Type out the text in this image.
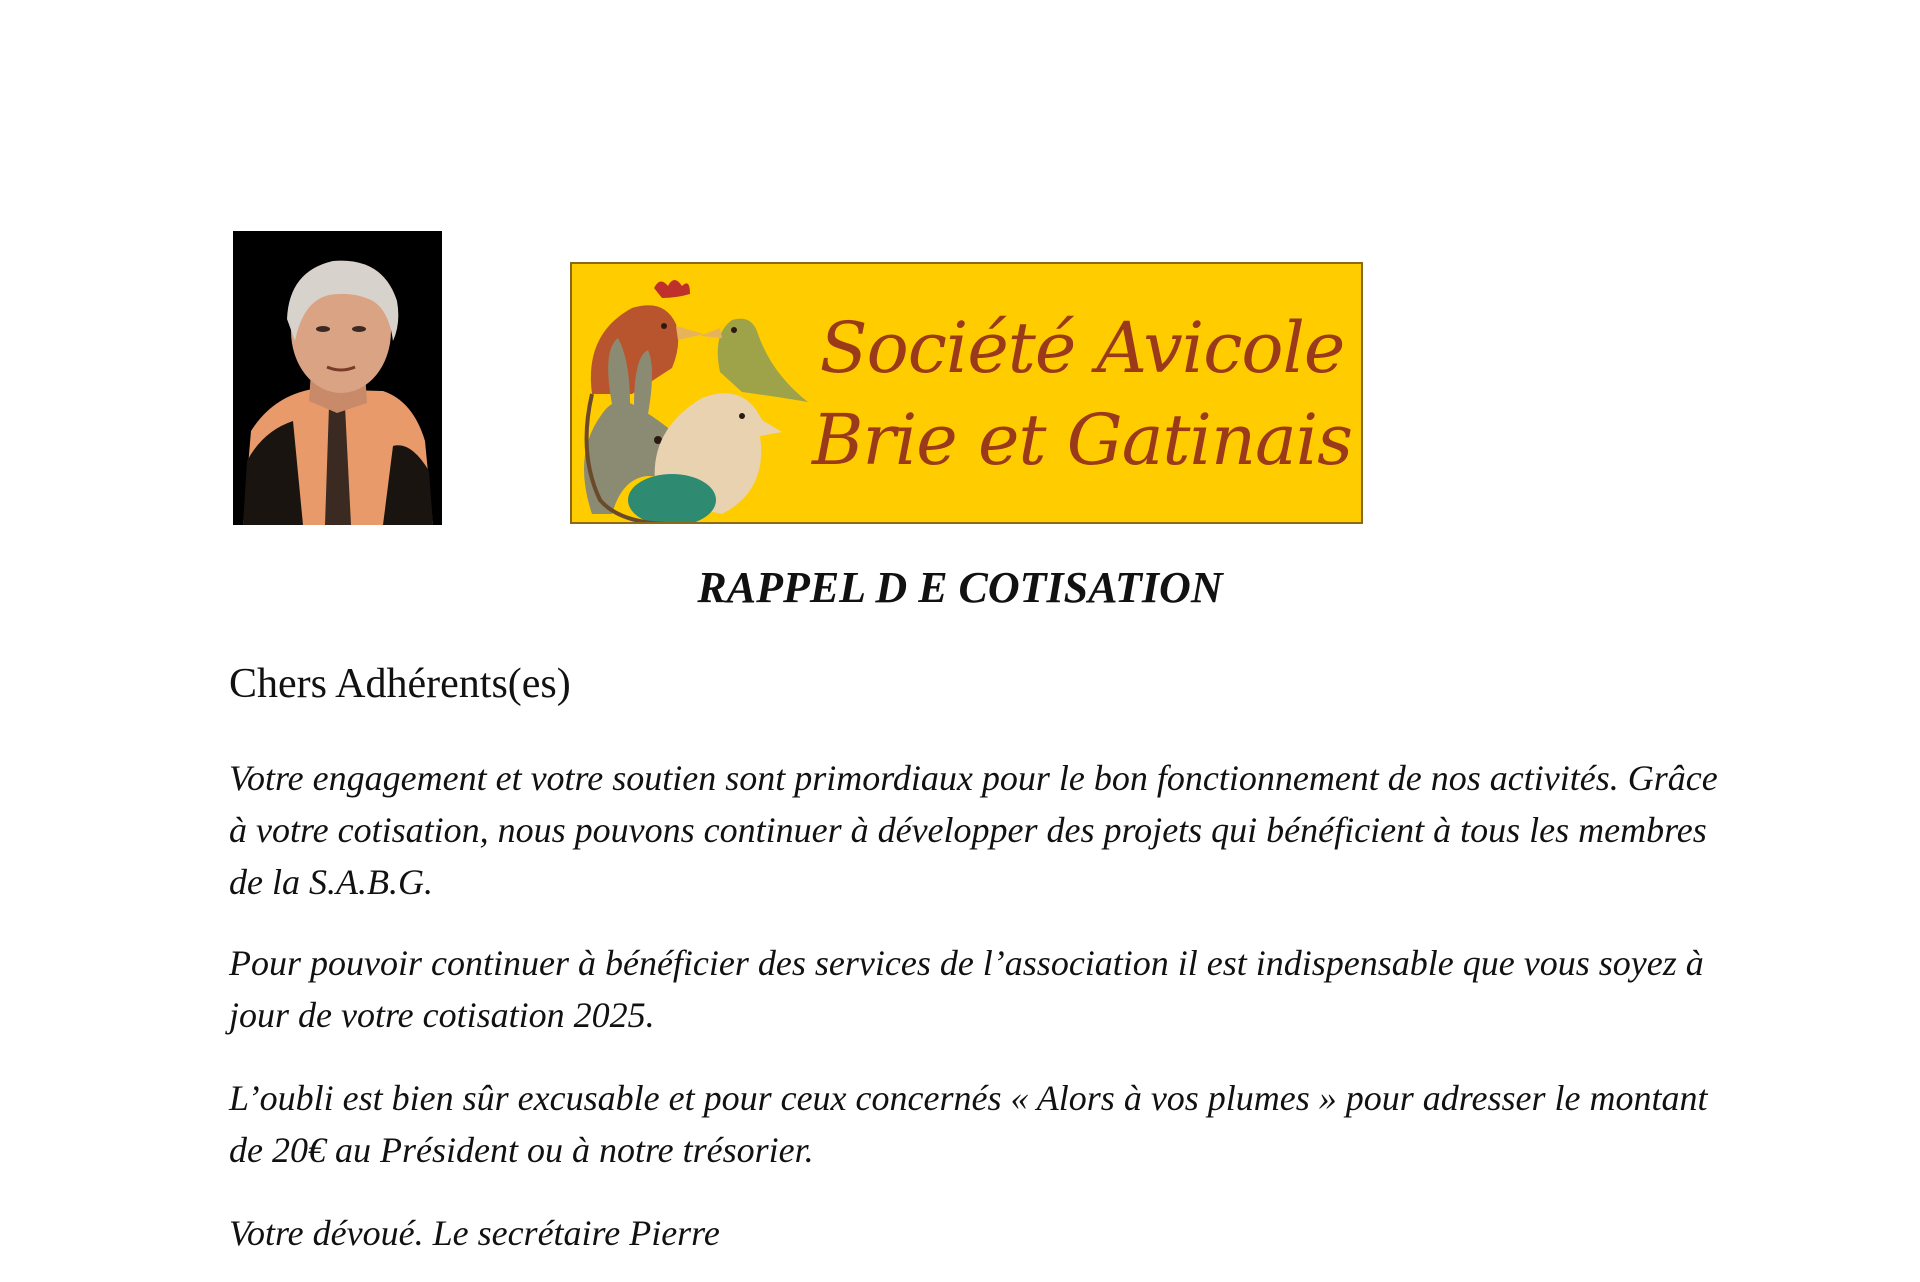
Société Avicole
Brie et Gatinais
RAPPEL D E COTISATION
Chers Adhérents(es)

Votre engagement et votre soutien sont primordiaux pour le bon fonctionnement de nos activités. Grâce à votre cotisation, nous pouvons continuer à développer des projets qui bénéficient à tous les membres de la S.A.B.G.

Pour pouvoir continuer à bénéficier des services de l’association il est indispensable que vous soyez à jour de votre cotisation 2025.

L’oubli est bien sûr excusable et pour ceux concernés « Alors à vos plumes » pour adresser le montant de 20€ au Président ou à notre trésorier.

Votre dévoué. Le secrétaire Pierre
